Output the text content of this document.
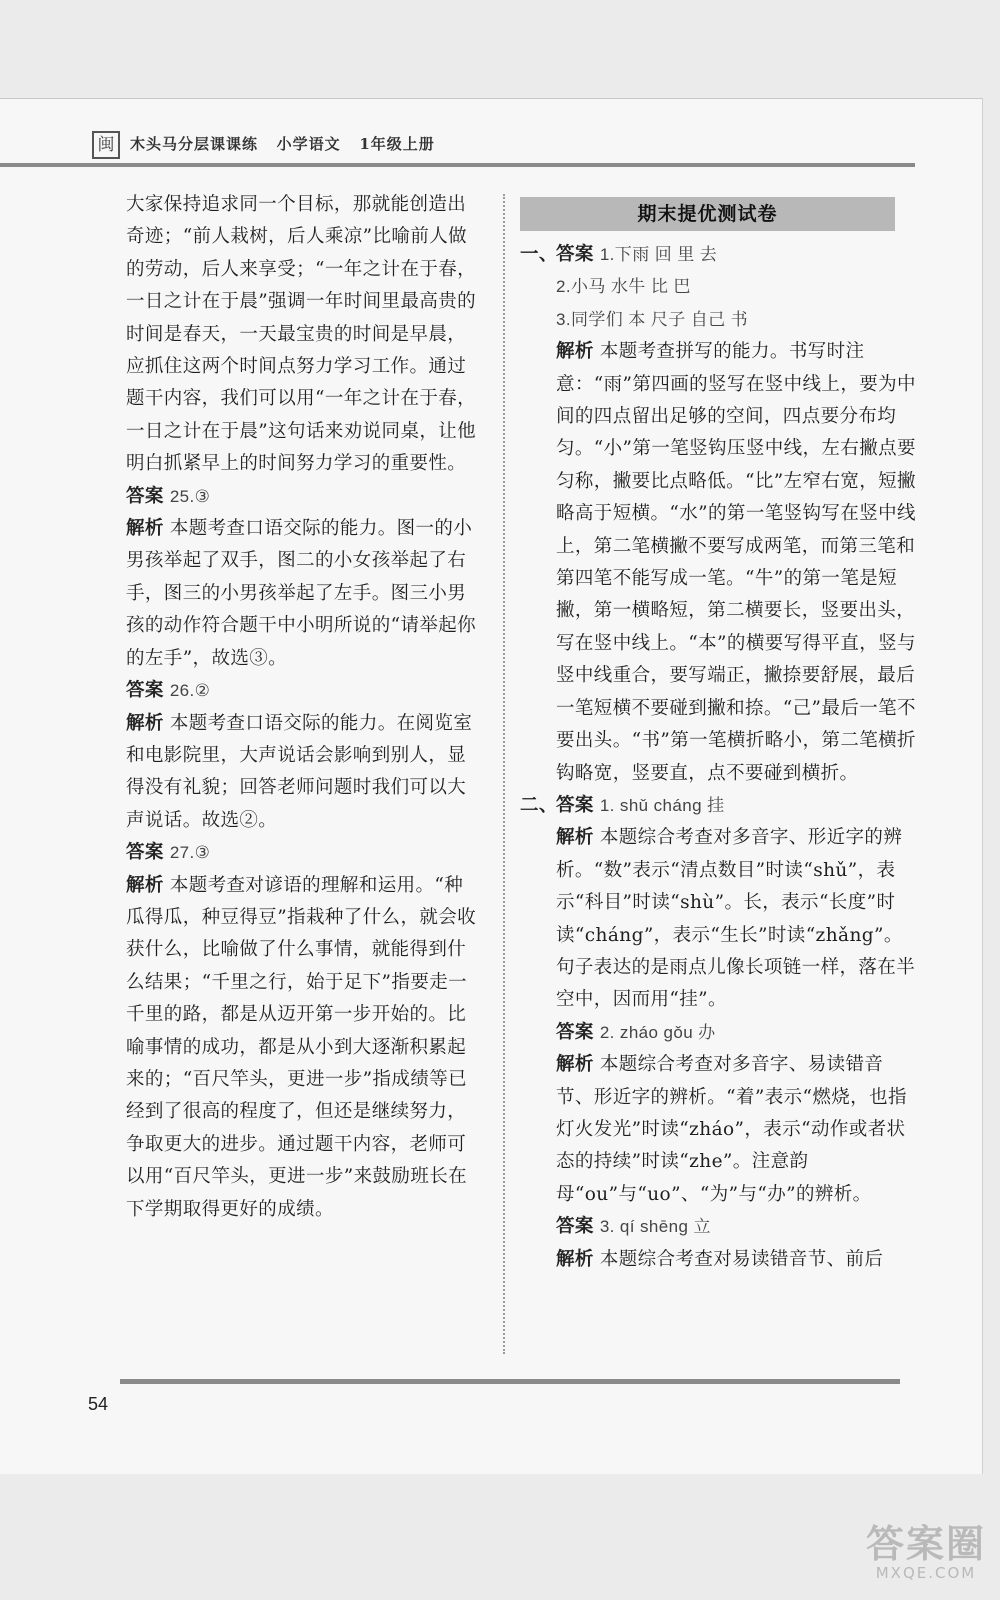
闽	木头马分层课课练   小学语文   1年级上册

大家保持追求同一个目标，那就能创造出奇迹；“前人栽树，后人乘凉”比喻前人做的劳动，后人来享受；“一年之计在于春，一日之计在于晨”强调一年时间里最高贵的时间是春天，一天最宝贵的时间是早晨，应抓住这两个时间点努力学习工作。通过题干内容，我们可以用“一年之计在于春，一日之计在于晨”这句话来劝说同桌，让他明白抓紧早上的时间努力学习的重要性。

答案 25.③

解析 本题考查口语交际的能力。图一的小男孩举起了双手，图二的小女孩举起了右手，图三的小男孩举起了左手。图三小男孩的动作符合题干中小明所说的“请举起你的左手”，故选③。

答案 26.②

解析 本题考查口语交际的能力。在阅览室和电影院里，大声说话会影响到别人，显得没有礼貌；回答老师问题时我们可以大声说话。故选②。

答案 27.③

解析 本题考查对谚语的理解和运用。“种瓜得瓜，种豆得豆”指栽种了什么，就会收获什么，比喻做了什么事情，就能得到什么结果；“千里之行，始于足下”指要走一千里的路，都是从迈开第一步开始的。比喻事情的成功，都是从小到大逐渐积累起来的；“百尺竿头，更进一步”指成绩等已经到了很高的程度了，但还是继续努力，争取更大的进步。通过题干内容，老师可以用“百尺竿头，更进一步”来鼓励班长在下学期取得更好的成绩。

期末提优测试卷

一、
答案 1.下雨 回 里 去

2.小马 水牛 比 巴

3.同学们 本 尺子 自己 书

解析 本题考查拼写的能力。书写时注意：“雨”第四画的竖写在竖中线上，要为中间的四点留出足够的空间，四点要分布均匀。“小”第一笔竖钩压竖中线，左右撇点要匀称，撇要比点略低。“比”左窄右宽，短撇略高于短横。“水”的第一笔竖钩写在竖中线上，第二笔横撇不要写成两笔，而第三笔和第四笔不能写成一笔。“牛”的第一笔是短撇，第一横略短，第二横要长，竖要出头，写在竖中线上。“本”的横要写得平直，竖与竖中线重合，要写端正，撇捺要舒展，最后一笔短横不要碰到撇和捺。“己”最后一笔不要出头。“书”第一笔横折略小，第二笔横折钩略宽，竖要直，点不要碰到横折。

二、
答案 1. shǔ cháng 挂

解析 本题综合考查对多音字、形近字的辨析。“数”表示“清点数目”时读“shǔ”，表示“科目”时读“shù”。长，表示“长度”时读“cháng”，表示“生长”时读“zhǎng”。句子表达的是雨点儿像长项链一样，落在半空中，因而用“挂”。

答案 2. zháo gǒu 办

解析 本题综合考查对多音字、易读错音节、形近字的辨析。“着”表示“燃烧，也指灯火发光”时读“zháo”，表示“动作或者状态的持续”时读“zhe”。注意韵母“ou”与“uo”、“为”与“办”的辨析。

答案 3. qí shēng 立

解析 本题综合考查对易读错音节、前后

54
答案圈
MXQE.COM
